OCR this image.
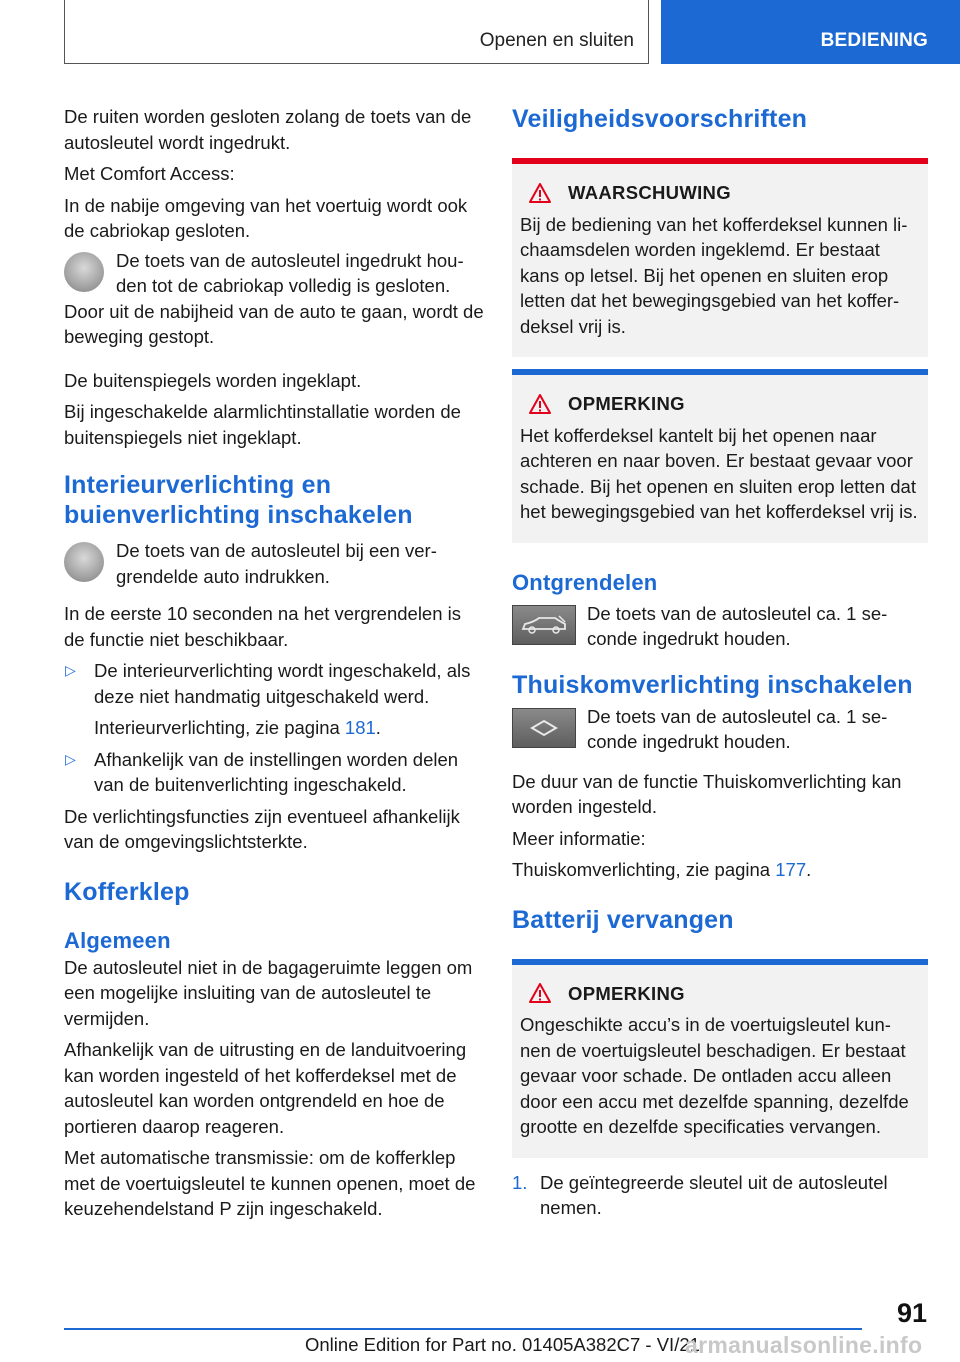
Openen en sluiten	BEDIENING
De ruiten worden gesloten zolang de toets van de autosleutel wordt ingedrukt.
Met Comfort Access:
In de nabije omgeving van het voertuig wordt ook de cabriokap gesloten.
De toets van de autosleutel ingedrukt hou-den tot de cabriokap volledig is gesloten.
Door uit de nabijheid van de auto te gaan, wordt de beweging gestopt.
De buitenspiegels worden ingeklapt.
Bij ingeschakelde alarmlichtinstallatie worden de buitenspiegels niet ingeklapt.
Interieurverlichting en buienverlichting inschakelen
De toets van de autosleutel bij een ver-grendelde auto indrukken.
In de eerste 10 seconden na het vergrendelen is de functie niet beschikbaar.
▷ De interieurverlichting wordt ingeschakeld, als deze niet handmatig uitgeschakeld werd.
Interieurverlichting, zie pagina 181.
▷ Afhankelijk van de instellingen worden delen van de buitenverlichting ingeschakeld.
De verlichtingsfuncties zijn eventueel afhankelijk van de omgevingslichtsterkte.
Kofferklep
Algemeen
De autosleutel niet in de bagageruimte leggen om een mogelijke insluiting van de autosleutel te vermijden.
Afhankelijk van de uitrusting en de landuitvoering kan worden ingesteld of het kofferdeksel met de autosleutel kan worden ontgrendeld en hoe de portieren daarop reageren.
Met automatische transmissie: om de kofferklep met de voertuigsleutel te kunnen openen, moet de keuzehendelstand P zijn ingeschakeld.
Veiligheidsvoorschriften
WAARSCHUWING
Bij de bediening van het kofferdeksel kunnen li-chaamsdelen worden ingeklemd. Er bestaat kans op letsel. Bij het openen en sluiten erop letten dat het bewegingsgebied van het koffer-deksel vrij is.
OPMERKING
Het kofferdeksel kantelt bij het openen naar achteren en naar boven. Er bestaat gevaar voor schade. Bij het openen en sluiten erop letten dat het bewegingsgebied van het kofferdeksel vrij is.
Ontgrendelen
De toets van de autosleutel ca. 1 se-conde ingedrukt houden.
Thuiskomverlichting inschakelen
De toets van de autosleutel ca. 1 se-conde ingedrukt houden.
De duur van de functie Thuiskomverlichting kan worden ingesteld.
Meer informatie:
Thuiskomverlichting, zie pagina 177.
Batterij vervangen
OPMERKING
Ongeschikte accu’s in de voertuigsleutel kun-nen de voertuigsleutel beschadigen. Er bestaat gevaar voor schade. De ontladen accu alleen door een accu met dezelfde spanning, dezelfde grootte en dezelfde specificaties vervangen.
1. De geïntegreerde sleutel uit de autosleutel nemen.
91
Online Edition for Part no. 01405A382C7 - VI/21
armanualsonline.info
